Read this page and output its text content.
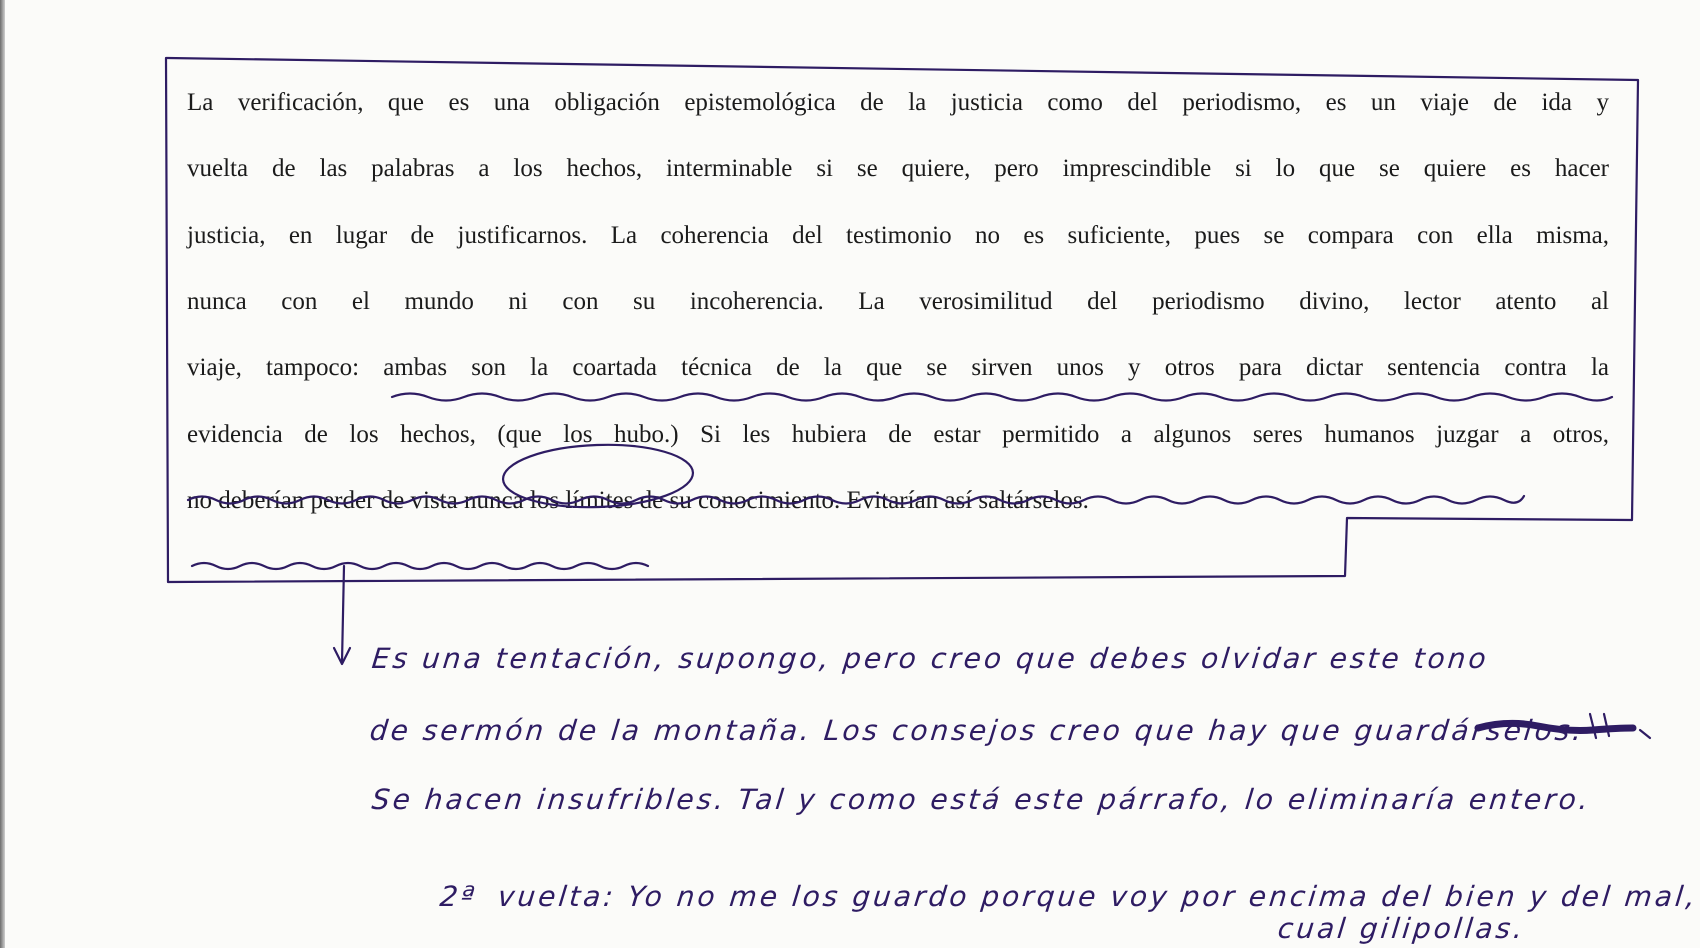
La verificación, que es una obligación epistemológica de la justicia como del periodismo, es un viaje de ida y
vuelta de las palabras a los hechos, interminable si se quiere, pero imprescindible si lo que se quiere es hacer
justicia, en lugar de justificarnos. La coherencia del testimonio no es suficiente, pues se compara con ella misma,
nunca con el mundo ni con su incoherencia. La verosimilitud del periodismo divino, lector atento al
viaje, tampoco: ambas son la coartada técnica de la que se sirven unos y otros para dictar sentencia contra la
evidencia de los hechos, (que los hubo.) Si les hubiera de estar permitido a algunos seres humanos juzgar a otros,
no deberían perder de vista nunca los límites de su conocimiento. Evitarían así saltárselos.
Es una tentación, supongo, pero creo que debes olvidar este tono
de sermón de la montaña. Los consejos creo que hay que guardárselos.
Se hacen insufribles. Tal y como está este párrafo, lo eliminaría entero.
2ª vuelta: Yo no me los guardo porque voy por encima del bien y del mal,
cual gilipollas.
